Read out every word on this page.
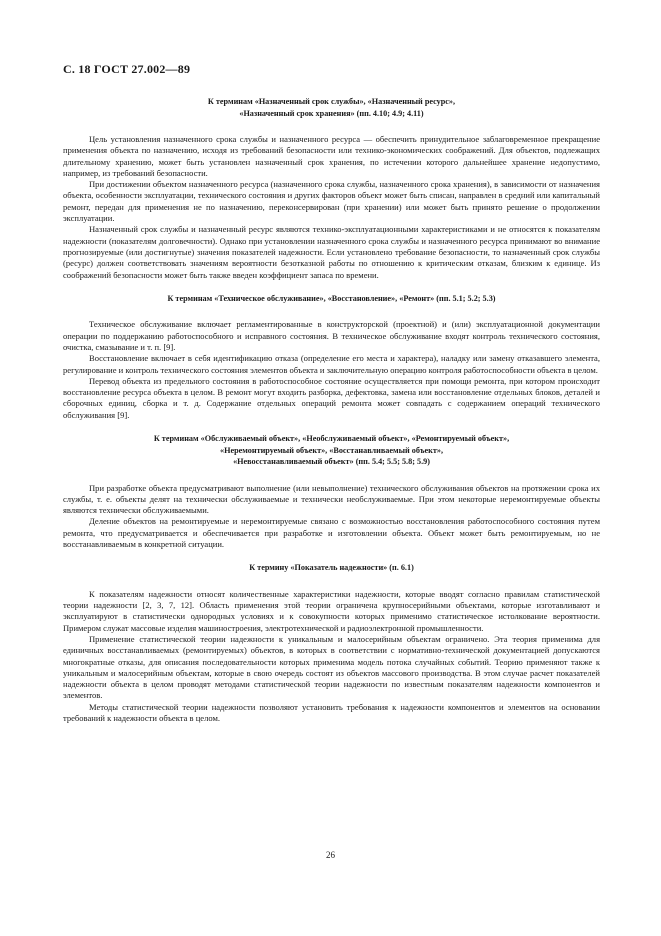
С. 18 ГОСТ 27.002—89
К терминам «Назначенный срок службы», «Назначенный ресурс»,
«Назначенный срок хранения» (пп. 4.10; 4.9; 4.11)

Цель установления назначенного срока службы и назначенного ресурса — обеспечить принудительное заблаговременное прекращение применения объекта по назначению, исходя из требований безопасности или технико-экономических соображений. Для объектов, подлежащих длительному хранению, может быть установлен назначенный срок хранения, по истечении которого дальнейшее хранение недопустимо, например, из требований безопасности.

При достижении объектом назначенного ресурса (назначенного срока службы, назначенного срока хранения), в зависимости от назначения объекта, особенности эксплуатации, технического состояния и других факторов объект может быть списан, направлен в средний или капитальный ремонт, передан для применения не по назначению, переконсервирован (при хранении) или может быть принято решение о продолжении эксплуатации.

Назначенный срок службы и назначенный ресурс являются технико-эксплуатационными характеристиками и не относятся к показателям надежности (показателям долговечности). Однако при установлении назначенного срока службы и назначенного ресурса принимают во внимание прогнозируемые (или достигнутые) значения показателей надежности. Если установлено требование безопасности, то назначенный срок службы (ресурс) должен соответствовать значениям вероятности безотказной работы по отношению к критическим отказам, близким к единице. Из соображений безопасности может быть также введен коэффициент запаса по времени.

К терминам «Техническое обслуживание», «Восстановление», «Ремонт» (пп. 5.1; 5.2; 5.3)

Техническое обслуживание включает регламентированные в конструкторской (проектной) и (или) эксплуатационной документации операции по поддержанию работоспособного и исправного состояния. В техническое обслуживание входят контроль технического состояния, очистка, смазывание и т. п. [9].

Восстановление включает в себя идентификацию отказа (определение его места и характера), наладку или замену отказавшего элемента, регулирование и контроль технического состояния элементов объекта и заключительную операцию контроля работоспособности объекта в целом.

Перевод объекта из предельного состояния в работоспособное состояние осуществляется при помощи ремонта, при котором происходит восстановление ресурса объекта в целом. В ремонт могут входить разборка, дефектовка, замена или восстановление отдельных блоков, деталей и сборочных единиц, сборка и т. д. Содержание отдельных операций ремонта может совпадать с содержанием операций технического обслуживания [9].

К терминам «Обслуживаемый объект», «Необслуживаемый объект», «Ремонтируемый объект»,
«Неремонтируемый объект», «Восстанавливаемый объект»,
«Невосстанавливаемый объект» (пп. 5.4; 5.5; 5.8; 5.9)

При разработке объекта предусматривают выполнение (или невыполнение) технического обслуживания объектов на протяжении срока их службы, т. е. объекты делят на технически обслуживаемые и технически необслуживаемые. При этом некоторые неремонтируемые объекты являются технически обслуживаемыми.

Деление объектов на ремонтируемые и неремонтируемые связано с возможностью восстановления работоспособного состояния путем ремонта, что предусматривается и обеспечивается при разработке и изготовлении объекта. Объект может быть ремонтируемым, но не восстанавливаемым в конкретной ситуации.

К термину «Показатель надежности» (п. 6.1)

К показателям надежности относят количественные характеристики надежности, которые вводят согласно правилам статистической теории надежности [2, 3, 7, 12]. Область применения этой теории ограничена крупносерийными объектами, которые изготавливают и эксплуатируют в статистически однородных условиях и к совокупности которых применимо статистическое истолкование вероятности. Примером служат массовые изделия машиностроения, электротехнической и радиоэлектронной промышленности.

Применение статистической теории надежности к уникальным и малосерийным объектам ограничено. Эта теория применима для единичных восстанавливаемых (ремонтируемых) объектов, в которых в соответствии с нормативно-технической документацией допускаются многократные отказы, для описания последовательности которых применима модель потока случайных событий. Теорию применяют также к уникальным и малосерийным объектам, которые в свою очередь состоят из объектов массового производства. В этом случае расчет показателей надежности объекта в целом проводят методами статистической теории надежности по известным показателям надежности компонентов и элементов.

Методы статистической теории надежности позволяют установить требования к надежности компонентов и элементов на основании требований к надежности объекта в целом.

26
